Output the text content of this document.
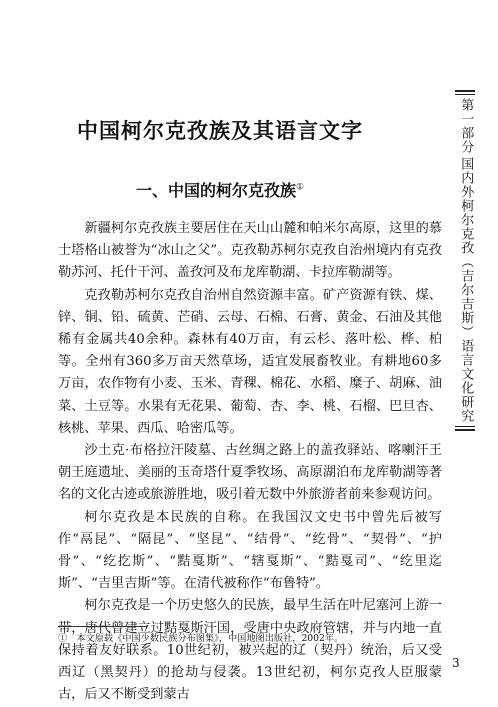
第一部分
国内外柯尔克孜（吉尔吉斯）语言文化研究
中国柯尔克孜族及其语言文字
一、中国的柯尔克孜族①

新疆柯尔克孜族主要居住在天山山麓和帕米尔高原，这里的慕士塔格山被誉为“冰山之父”。克孜勒苏柯尔克孜自治州境内有克孜勒苏河、托什干河、盖孜河及布龙库勒湖、卡拉库勒湖等。

克孜勒苏柯尔克孜自治州自然资源丰富。矿产资源有铁、煤、锌、铜、铅、硫黄、芒硝、云母、石棉、石膏、黄金、石油及其他稀有金属共40余种。森林有40万亩，有云杉、落叶松、桦、柏等。全州有360多万亩天然草场，适宜发展畜牧业。有耕地60多万亩，农作物有小麦、玉米、青稞、棉花、水稻、糜子、胡麻、油菜、土豆等。水果有无花果、葡萄、杏、李、桃、石榴、巴旦杏、核桃、苹果、西瓜、哈密瓜等。

沙土克·布格拉汗陵墓、古丝绸之路上的盖孜驿站、喀喇汗王朝王庭遗址、美丽的玉奇塔什夏季牧场、高原湖泊布龙库勒湖等著名的文化古迹或旅游胜地，吸引着无数中外旅游者前来参观访问。

柯尔克孜是本民族的自称。在我国汉文史书中曾先后被写作“鬲昆”、“隔昆”、“坚昆”、“结骨”、“纥骨”、“契骨”、“护骨”、“纥扢斯”、“黠戛斯”、“辖戛斯”、“黠戛司”、“纥里迄斯”、“吉里吉斯”等。在清代被称作“布鲁特”。

柯尔克孜是一个历史悠久的民族，最早生活在叶尼塞河上游一带，唐代曾建立过黠戛斯汗国，受唐中央政府管辖，并与内地一直保持着友好联系。10世纪初，被兴起的辽（契丹）统治，后又受西辽（黑契丹）的抢劫与侵袭。13世纪初，柯尔克孜人臣服蒙古，后又不断受到蒙古

①　本文原载《中国少数民族分布图集》，中国地图出版社，2002年。
3
